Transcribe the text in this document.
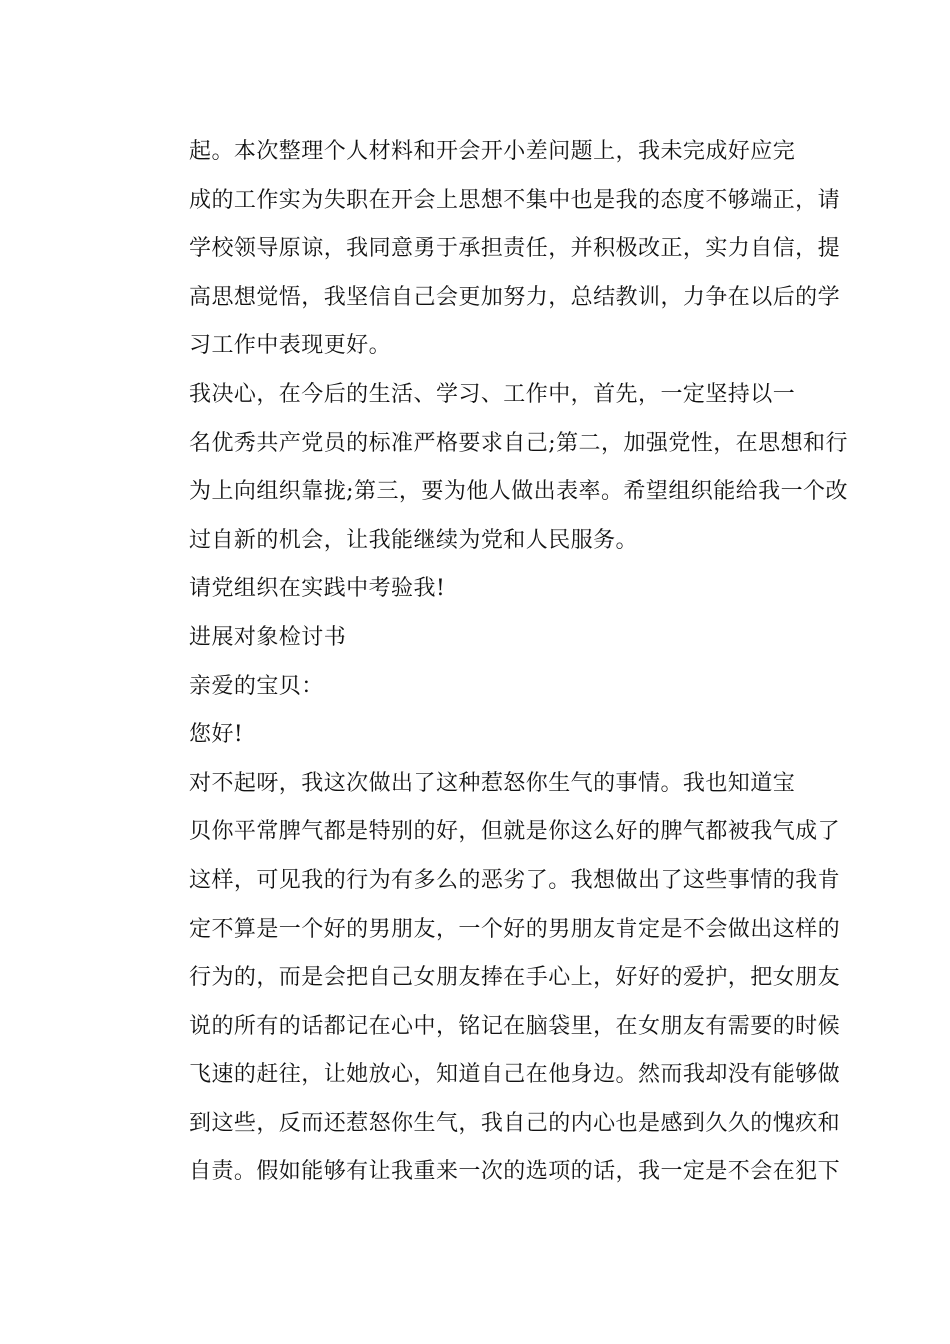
起。本次整理个人材料和开会开小差问题上，我未完成好应完
成的工作实为失职在开会上思想不集中也是我的态度不够端正，请
学校领导原谅，我同意勇于承担责任，并积极改正，实力自信，提
高思想觉悟，我坚信自己会更加努力，总结教训，力争在以后的学
习工作中表现更好。

我决心，在今后的生活、学习、工作中，首先，一定坚持以一
名优秀共产党员的标准严格要求自己;第二，加强党性，在思想和行
为上向组织靠拢;第三，要为他人做出表率。希望组织能给我一个改
过自新的机会，让我能继续为党和人民服务。

请党组织在实践中考验我!

进展对象检讨书

亲爱的宝贝：

您好!

对不起呀，我这次做出了这种惹怒你生气的事情。我也知道宝
贝你平常脾气都是特别的好，但就是你这么好的脾气都被我气成了
这样，可见我的行为有多么的恶劣了。我想做出了这些事情的我肯
定不算是一个好的男朋友，一个好的男朋友肯定是不会做出这样的
行为的，而是会把自己女朋友捧在手心上，好好的爱护，把女朋友
说的所有的话都记在心中，铭记在脑袋里，在女朋友有需要的时候
飞速的赶往，让她放心，知道自己在他身边。然而我却没有能够做
到这些，反而还惹怒你生气，我自己的内心也是感到久久的愧疚和
自责。假如能够有让我重来一次的选项的话，我一定是不会在犯下
